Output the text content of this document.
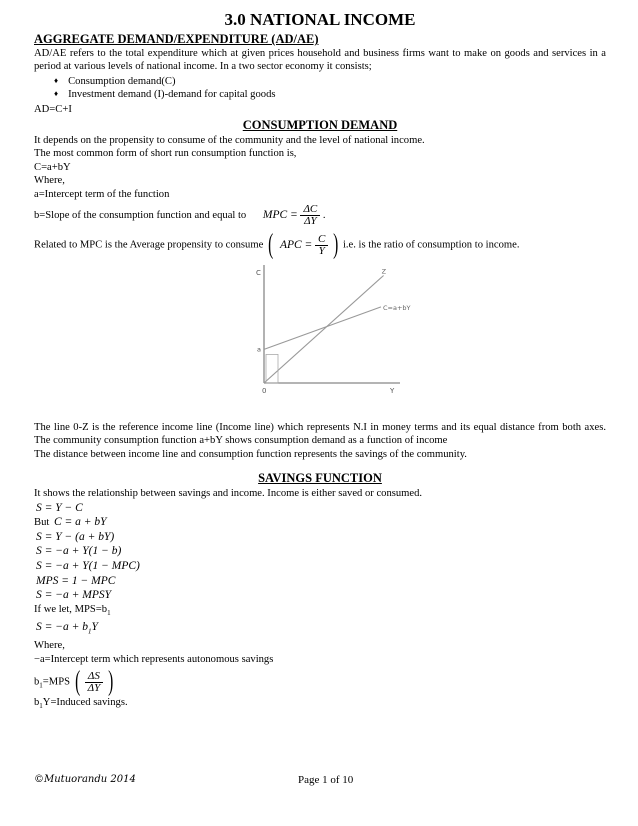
3.0 NATIONAL INCOME
AGGREGATE DEMAND/EXPENDITURE (AD/AE)

AD/AE refers to the total expenditure which at given prices household and business firms want to make on goods and services in a period at various levels of national income. In a two sector economy it consists;

♦ Consumption demand(C)
♦ Investment demand (I)-demand for capital goods

AD=C+I

CONSUMPTION DEMAND

It depends on the propensity to consume of the community and the level of national income.

The most common form of short run consumption function is,

C=a+bY

Where,

a=Intercept term of the function

b=Slope of the consumption function and equal to MPC = $\frac{\Delta C}{\Delta Y}$ .

Related to MPC is the Average propensity to consume ( APC = $\frac{C}{Y}$ ) i.e. is the ratio of consumption to income.

C
Y
0
Z
C=a+bY
a

The line 0-Z is the reference income line (Income line) which represents N.I in money terms and its equal distance from both axes. The community consumption function a+bY shows consumption demand as a function of income

The distance between income line and consumption function represents the savings of the community.

SAVINGS FUNCTION

It shows the relationship between savings and income. Income is either saved or consumed.

S = Y − C

But C = a + bY

S = Y − (a + bY)

S = −a + Y(1 − b)

S = −a + Y(1 − MPC)

MPS = 1 − MPC

S = −a + MPSY

If we let, $MPS=b_1$

$S = -a + b_1Y$

Where,

−a=Intercept term which represents autonomous savings

$b_1=MPS$ ( $\frac{\Delta S}{\Delta Y}$ )

$b_1Y=Induced$ savings.

©Mutuorandu 2014	Page 1 of 10
